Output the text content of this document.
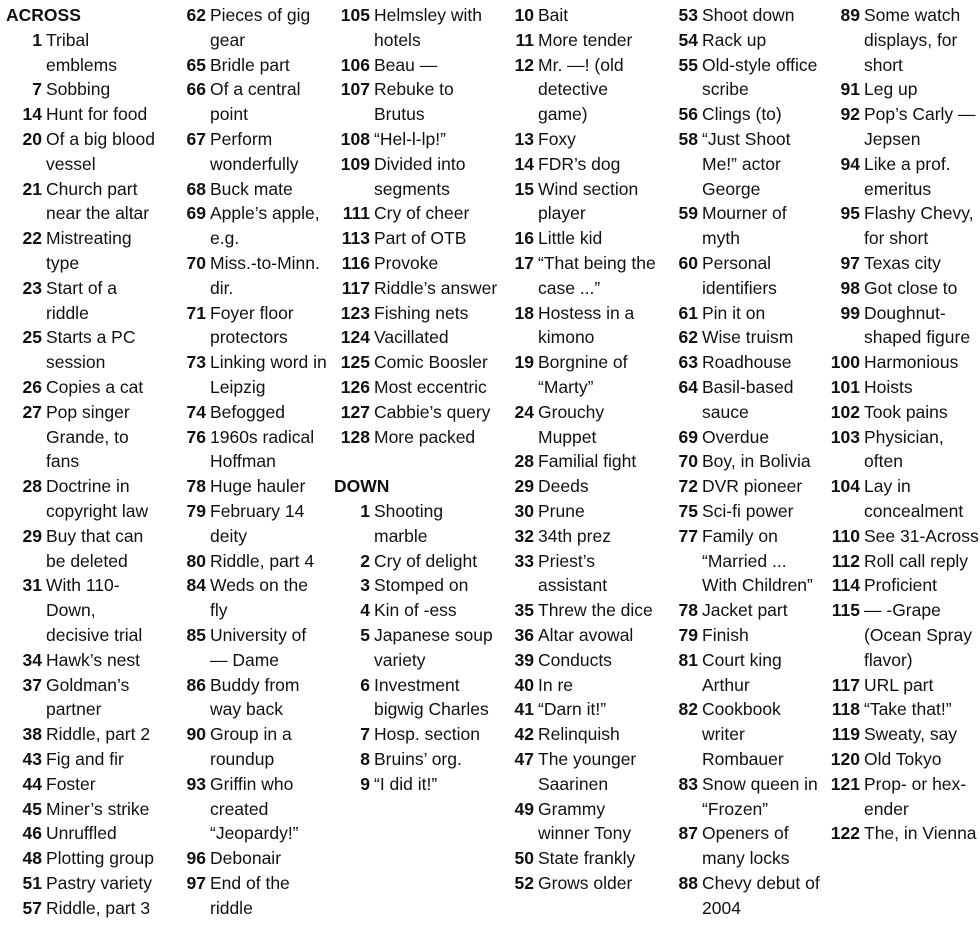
ACROSS
1 Tribal emblems
7 Sobbing
14 Hunt for food
20 Of a big blood vessel
21 Church part near the altar
22 Mistreating type
23 Start of a riddle
25 Starts a PC session
26 Copies a cat
27 Pop singer Grande, to fans
28 Doctrine in copyright law
29 Buy that can be deleted
31 With 110-Down, decisive trial
34 Hawk’s nest
37 Goldman’s partner
38 Riddle, part 2
43 Fig and fir
44 Foster
45 Miner’s strike
46 Unruffled
48 Plotting group
51 Pastry variety
57 Riddle, part 3
62 Pieces of gig gear
65 Bridle part
66 Of a central point
67 Perform wonderfully
68 Buck mate
69 Apple’s apple, e.g.
70 Miss.-to-Minn. dir.
71 Foyer floor protectors
73 Linking word in Leipzig
74 Befogged
76 1960s radical Hoffman
78 Huge hauler
79 February 14 deity
80 Riddle, part 4
84 Weds on the fly
85 University of — Dame
86 Buddy from way back
90 Group in a roundup
93 Griffin who created “Jeopardy!”
96 Debonair
97 End of the riddle
105 Helmsley with hotels
106 Beau —
107 Rebuke to Brutus
108 “Hel-l-lp!”
109 Divided into segments
111 Cry of cheer
113 Part of OTB
116 Provoke
117 Riddle’s answer
123 Fishing nets
124 Vacillated
125 Comic Boosler
126 Most eccentric
127 Cabbie’s query
128 More packed
DOWN
1 Shooting marble
2 Cry of delight
3 Stomped on
4 Kin of -ess
5 Japanese soup variety
6 Investment bigwig Charles
7 Hosp. section
8 Bruins’ org.
9 “I did it!”
10 Bait
11 More tender
12 Mr. —! (old detective game)
13 Foxy
14 FDR’s dog
15 Wind section player
16 Little kid
17 “That being the case ...”
18 Hostess in a kimono
19 Borgnine of “Marty”
24 Grouchy Muppet
28 Familial fight
29 Deeds
30 Prune
32 34th prez
33 Priest’s assistant
35 Threw the dice
36 Altar avowal
39 Conducts
40 In re
41 “Darn it!”
42 Relinquish
47 The younger Saarinen
49 Grammy winner Tony
50 State frankly
52 Grows older
53 Shoot down
54 Rack up
55 Old-style office scribe
56 Clings (to)
58 “Just Shoot Me!” actor George
59 Mourner of myth
60 Personal identifiers
61 Pin it on
62 Wise truism
63 Roadhouse
64 Basil-based sauce
69 Overdue
70 Boy, in Bolivia
72 DVR pioneer
75 Sci-fi power
77 Family on “Married ... With Children”
78 Jacket part
79 Finish
81 Court king Arthur
82 Cookbook writer Rombauer
83 Snow queen in “Frozen”
87 Openers of many locks
88 Chevy debut of 2004
89 Some watch displays, for short
91 Leg up
92 Pop’s Carly — Jepsen
94 Like a prof. emeritus
95 Flashy Chevy, for short
97 Texas city
98 Got close to
99 Doughnut-shaped figure
100 Harmonious
101 Hoists
102 Took pains
103 Physician, often
104 Lay in concealment
110 See 31-Across
112 Roll call reply
114 Proficient
115 — -Grape (Ocean Spray flavor)
117 URL part
118 “Take that!”
119 Sweaty, say
120 Old Tokyo
121 Prop- or hex-ender
122 The, in Vienna
